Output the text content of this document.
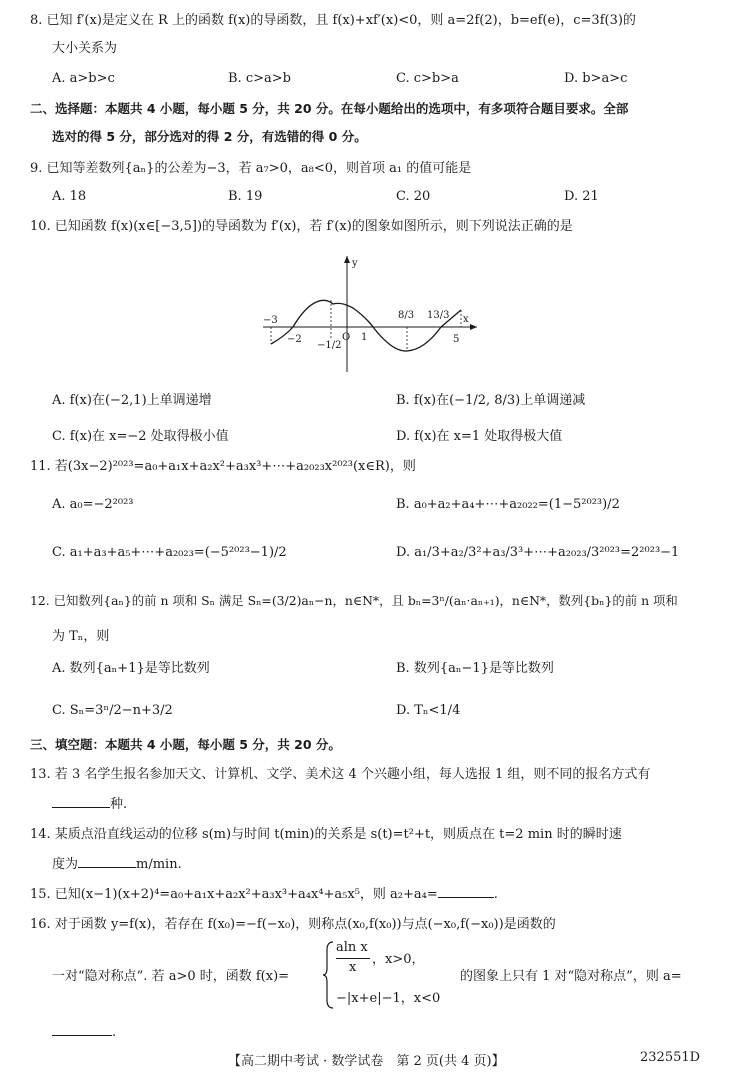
8. 已知 f′(x)是定义在 R 上的函数 f(x)的导函数，且 f(x)+xf′(x)<0，则 a=2f(2)，b=ef(e)，c=3f(3)的
大小关系为
A. a>b>c	B. c>a>b	C. c>b>a	D. b>a>c
二、选择题：本题共 4 小题，每小题 5 分，共 20 分。在每小题给出的选项中，有多项符合题目要求。全部
选对的得 5 分，部分选对的得 2 分，有选错的得 0 分。
9. 已知等差数列{aₙ}的公差为−3，若 a₇>0，a₈<0，则首项 a₁ 的值可能是
A. 18	B. 19	C. 20	D. 21
10. 已知函数 f(x)(x∈[−3,5])的导函数为 f′(x)，若 f′(x)的图象如图所示，则下列说法正确的是
x
y
O
−3
−2
−1/2
1
8/3 13/3
5
A. f(x)在(−2,1)上单调递增	B. f(x)在(−1/2, 8/3)上单调递减
C. f(x)在 x=−2 处取得极小值	D. f(x)在 x=1 处取得极大值
11. 若(3x−2)²⁰²³=a₀+a₁x+a₂x²+a₃x³+⋯+a₂₀₂₃x²⁰²³(x∈R)，则
A. a₀=−2²⁰²³	B. a₀+a₂+a₄+⋯+a₂₀₂₂=(1−5²⁰²³)/2
C. a₁+a₃+a₅+⋯+a₂₀₂₃=(−5²⁰²³−1)/2	D. a₁/3+a₂/3²+a₃/3³+⋯+a₂₀₂₃/3²⁰²³=2²⁰²³−1
12. 已知数列{aₙ}的前 n 项和 Sₙ 满足 Sₙ=(3/2)aₙ−n，n∈N*，且 bₙ=3ⁿ/(aₙ·aₙ₊₁)，n∈N*，数列{bₙ}的前 n 项和
为 Tₙ，则
A. 数列{aₙ+1}是等比数列	B. 数列{aₙ−1}是等比数列
C. Sₙ=3ⁿ/2−n+3/2	D. Tₙ<1/4
三、填空题：本题共 4 小题，每小题 5 分，共 20 分。
13. 若 3 名学生报名参加天文、计算机、文学、美术这 4 个兴趣小组，每人选报 1 组，则不同的报名方式有
种.
14. 某质点沿直线运动的位移 s(m)与时间 t(min)的关系是 s(t)=t²+t，则质点在 t=2 min 时的瞬时速
度为	m/min.
15. 已知(x−1)(x+2)⁴=a₀+a₁x+a₂x²+a₃x³+a₄x⁴+a₅x⁵，则 a₂+a₄=	.
16. 对于函数 y=f(x)，若存在 f(x₀)=−f(−x₀)，则称点(x₀,f(x₀))与点(−x₀,f(−x₀))是函数的
一对“隐对称点”. 若 a>0 时，函数 f(x)=
aln x
x
，x>0，
−|x+e|−1，x<0
的图象上只有 1 对“隐对称点”，则 a=
.
【高二期中考试 · 数学试卷　第 2 页(共 4 页)】	232551D
